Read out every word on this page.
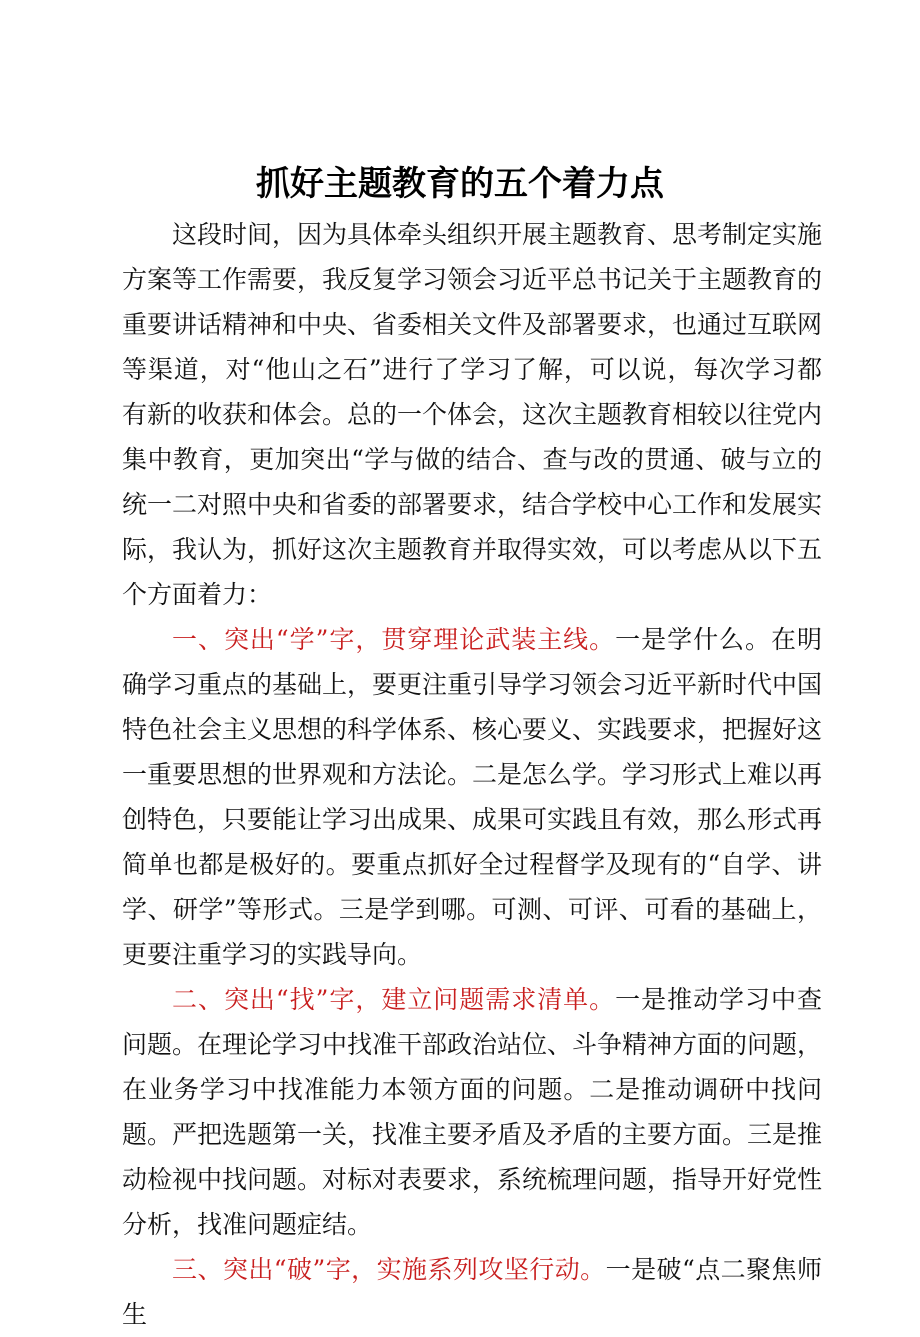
抓好主题教育的五个着力点

这段时间，因为具体牵头组织开展主题教育、思考制定实施方案等工作需要，我反复学习领会习近平总书记关于主题教育的重要讲话精神和中央、省委相关文件及部署要求，也通过互联网等渠道，对“他山之石”进行了学习了解，可以说，每次学习都有新的收获和体会。总的一个体会，这次主题教育相较以往党内集中教育，更加突出“学与做的结合、查与改的贯通、破与立的统一二对照中央和省委的部署要求，结合学校中心工作和发展实际，我认为，抓好这次主题教育并取得实效，可以考虑从以下五个方面着力：

一、突出“学”字，贯穿理论武装主线。一是学什么。在明确学习重点的基础上，要更注重引导学习领会习近平新时代中国特色社会主义思想的科学体系、核心要义、实践要求，把握好这一重要思想的世界观和方法论。二是怎么学。学习形式上难以再创特色，只要能让学习出成果、成果可实践且有效，那么形式再简单也都是极好的。要重点抓好全过程督学及现有的“自学、讲学、研学”等形式。三是学到哪。可测、可评、可看的基础上，更要注重学习的实践导向。

二、突出“找”字，建立问题需求清单。一是推动学习中查问题。在理论学习中找准干部政治站位、斗争精神方面的问题，在业务学习中找准能力本领方面的问题。二是推动调研中找问题。严把选题第一关，找准主要矛盾及矛盾的主要方面。三是推动检视中找问题。对标对表要求，系统梳理问题，指导开好党性分析，找准问题症结。

三、突出“破”字，实施系列攻坚行动。一是破“点二聚焦师生
